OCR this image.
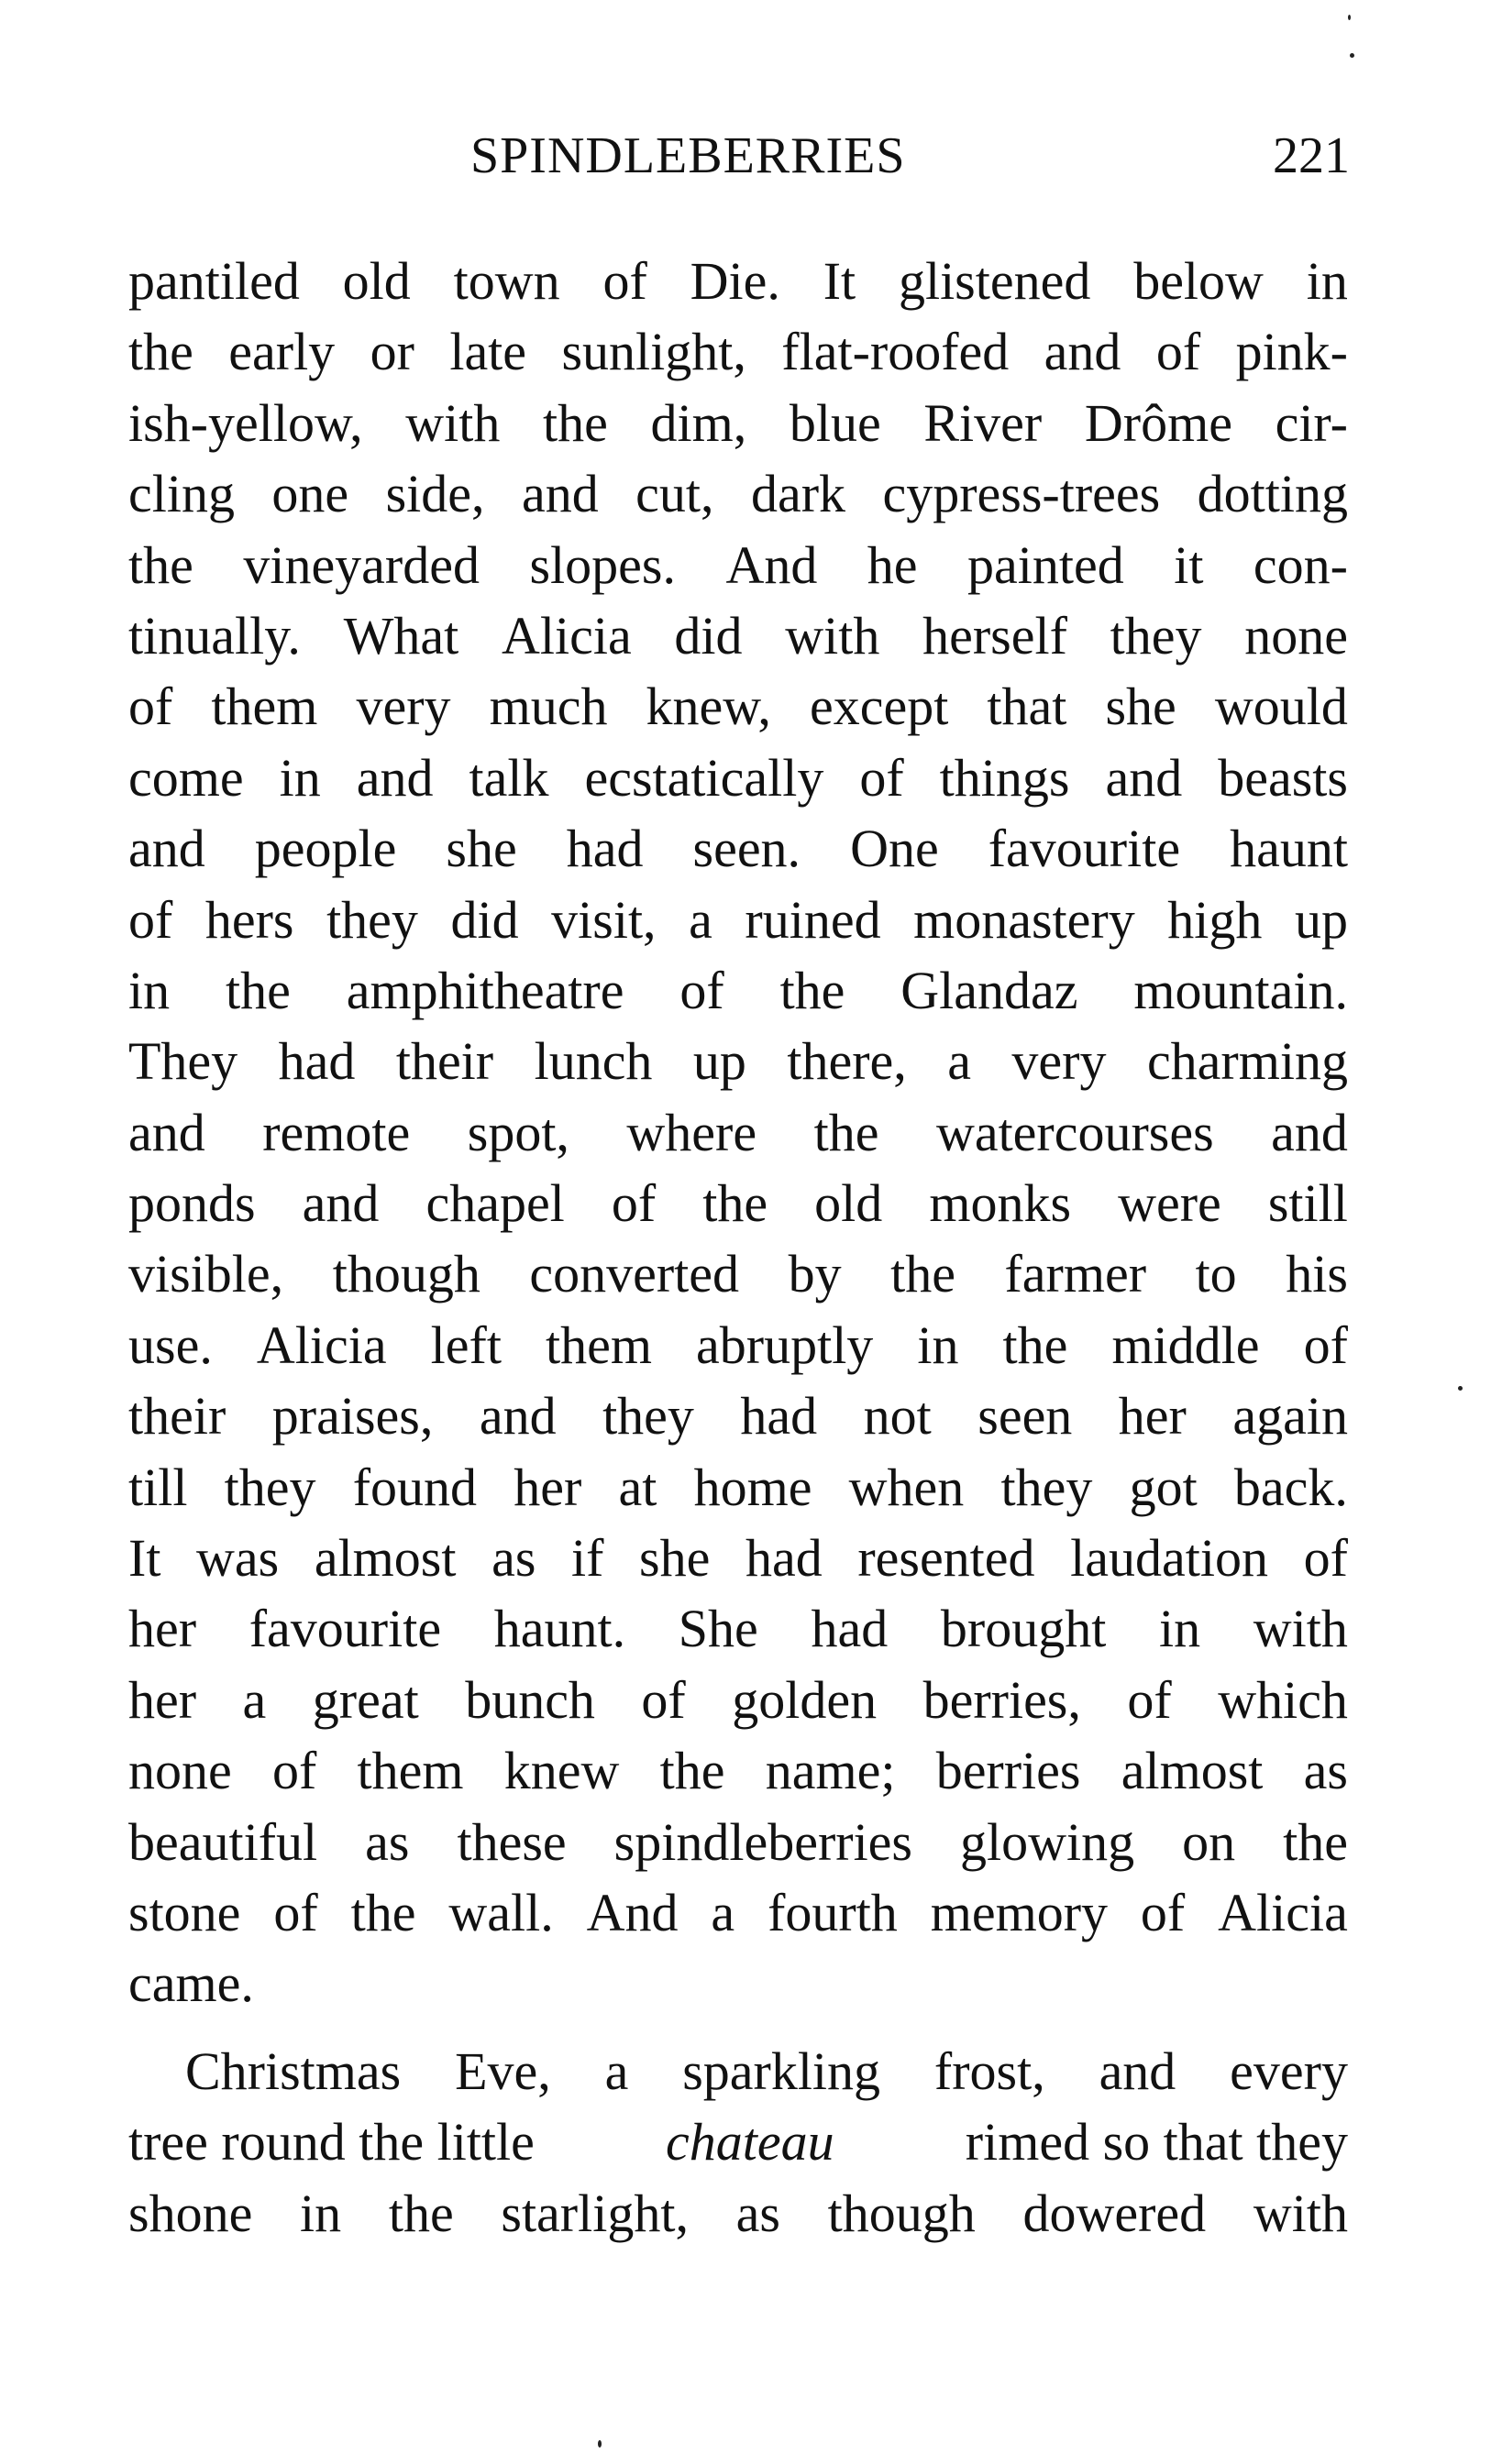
SPINDLEBERRIES	221
pantiled old town of Die. It glistened below in
the early or late sunlight, flat-roofed and of pink-
ish-yellow, with the dim, blue River Drôme cir-
cling one side, and cut, dark cypress-trees dotting
the vineyarded slopes. And he painted it con-
tinually. What Alicia did with herself they none
of them very much knew, except that she would
come in and talk ecstatically of things and beasts
and people she had seen. One favourite haunt
of hers they did visit, a ruined monastery high up
in the amphitheatre of the Glandaz mountain.
They had their lunch up there, a very charming
and remote spot, where the watercourses and
ponds and chapel of the old monks were still
visible, though converted by the farmer to his
use. Alicia left them abruptly in the middle of
their praises, and they had not seen her again
till they found her at home when they got back.
It was almost as if she had resented laudation of
her favourite haunt. She had brought in with
her a great bunch of golden berries, of which
none of them knew the name; berries almost as
beautiful as these spindleberries glowing on the
stone of the wall. And a fourth memory of Alicia
came.
Christmas Eve, a sparkling frost, and every
tree round the little chateau rimed so that they
shone in the starlight, as though dowered with
